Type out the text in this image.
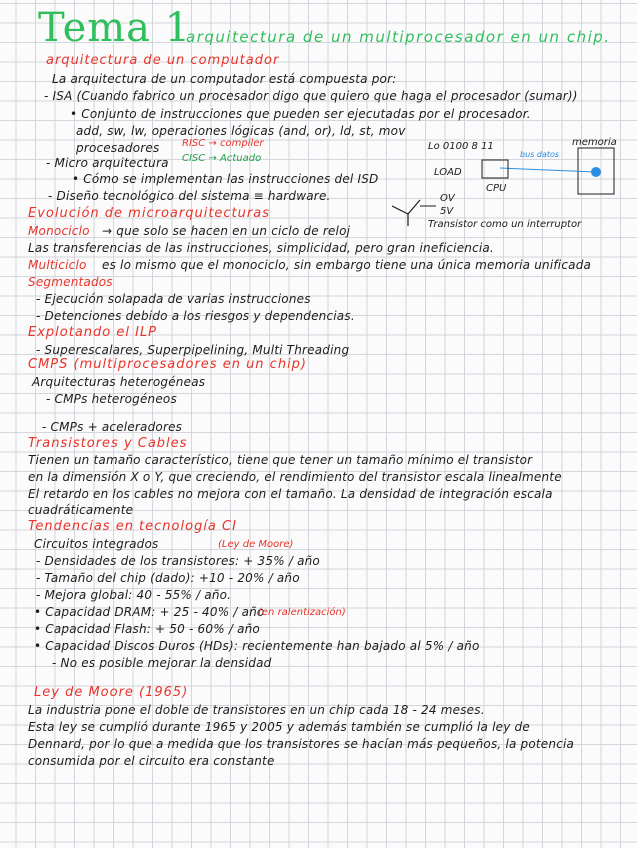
Tema 1
arquitectura de un multiprocesador en un chip.
arquitectura de un computador
La arquitectura de un computador está compuesta por:
- ISA (Cuando fabrico un procesador digo que quiero que haga el procesador (sumar))
• Conjunto de instrucciones que pueden ser ejecutadas por el procesador.
add, sw, lw, operaciones lógicas (and, or), ld, st, mov
procesadores RISC → compiler
- Micro arquitectura CISC → Actuado
• Cómo se implementan las instrucciones del ISD
- Diseño tecnológico del sistema ≡ hardware.
Evolución de microarquitecturas
Monociclo → que solo se hacen en un ciclo de reloj
Las transferencias de las instrucciones, simplicidad, pero gran ineficiencia.
Multiciclo es lo mismo que el monociclo, sin embargo tiene una única memoria unificada
Segmentados
- Ejecución solapada de varias instrucciones
- Detenciones debido a los riesgos y dependencias.
Explotando el ILP
- Superescalares, Superpipelining, Multi Threading
CMPS (multiprocesadores en un chip)
Arquitecturas heterogéneas
- CMPs heterogéneos
- CMPs + aceleradores
Transistores y Cables
Tienen un tamaño característico, tiene que tener un tamaño mínimo el transistor
en la dimensión X o Y, que creciendo, el rendimiento del transistor escala linealmente
El retardo en los cables no mejora con el tamaño. La densidad de integración escala
cuadráticamente
Tendencias en tecnología CI
Circuitos integrados	(Ley de Moore)
- Densidades de los transistores: + 35% / año
- Tamaño del chip (dado): +10 - 20% / año
- Mejora global: 40 - 55% / año.
• Capacidad DRAM: + 25 - 40% / año
(en ralentización)
• Capacidad Flash: + 50 - 60% / año
• Capacidad Discos Duros (HDs): recientemente han bajado al 5% / año
- No es posible mejorar la densidad
Ley de Moore (1965)
La industria pone el doble de transistores en un chip cada 18 - 24 meses.
Esta ley se cumplió durante 1965 y 2005 y además también se cumplió la ley de
Dennard, por lo que a medida que los transistores se hacían más pequeños, la potencia
consumida por el circuito era constante
memoria
bus datos
CPU
LOAD
Lo 0100 8 11
OV
5V
Transistor como un interruptor
